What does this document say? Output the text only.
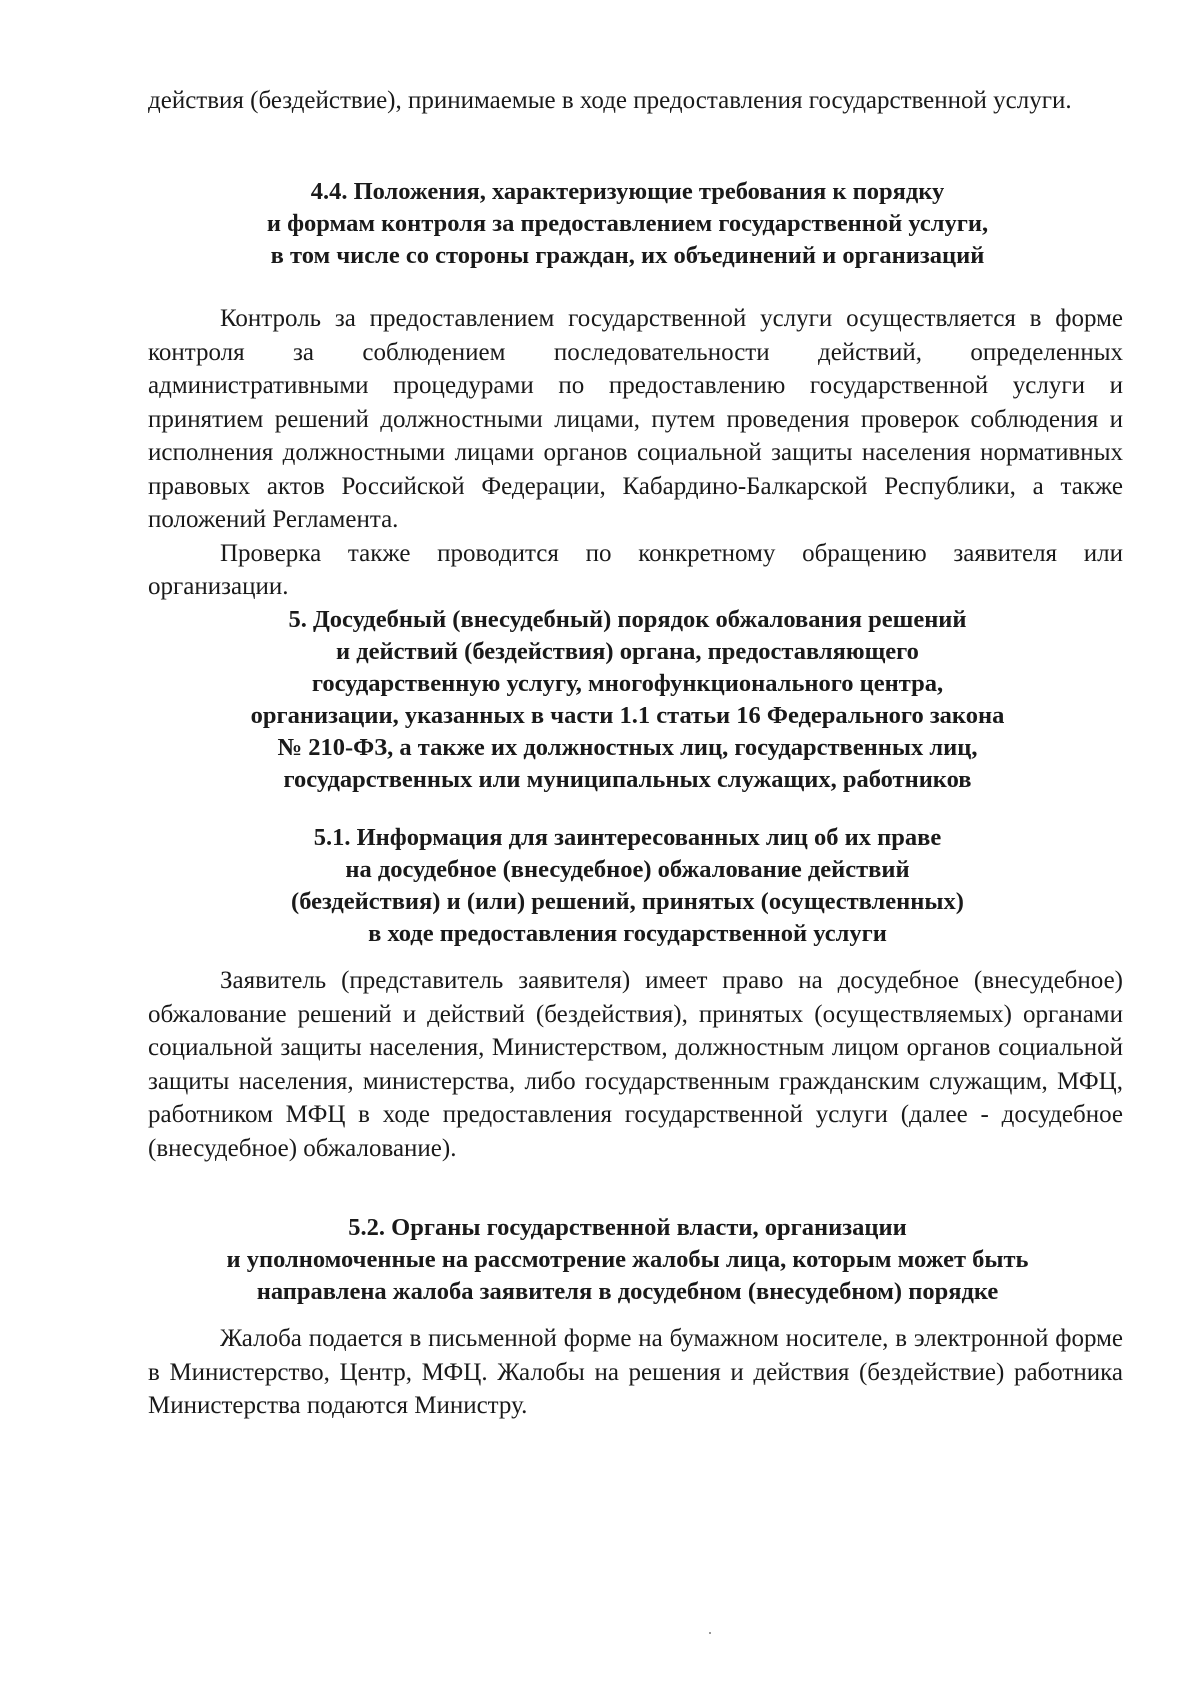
действия (бездействие), принимаемые в ходе предоставления государственной услуги.

4.4. Положения, характеризующие требования к порядку
и формам контроля за предоставлением государственной услуги,
в том числе со стороны граждан, их объединений и организаций

Контроль за предоставлением государственной услуги осуществляется в форме контроля за соблюдением последовательности действий, определенных административными процедурами по предоставлению государственной услуги и принятием решений должностными лицами, путем проведения проверок соблюдения и исполнения должностными лицами органов социальной защиты населения нормативных правовых актов Российской Федерации, Кабардино-Балкарской Республики, а также положений Регламента.

Проверка также проводится по конкретному обращению заявителя или организации.

5. Досудебный (внесудебный) порядок обжалования решений
и действий (бездействия) органа, предоставляющего
государственную услугу, многофункционального центра,
организации, указанных в части 1.1 статьи 16 Федерального закона
№ 210-ФЗ, а также их должностных лиц, государственных лиц,
государственных или муниципальных служащих, работников

5.1. Информация для заинтересованных лиц об их праве
на досудебное (внесудебное) обжалование действий
(бездействия) и (или) решений, принятых (осуществленных)
в ходе предоставления государственной услуги

Заявитель (представитель заявителя) имеет право на досудебное (внесудебное) обжалование решений и действий (бездействия), принятых (осуществляемых) органами социальной защиты населения, Министерством, должностным лицом органов социальной защиты населения, министерства, либо государственным гражданским служащим, МФЦ, работником МФЦ в ходе предоставления государственной услуги (далее - досудебное (внесудебное) обжалование).

5.2. Органы государственной власти, организации
и уполномоченные на рассмотрение жалобы лица, которым может быть
направлена жалоба заявителя в досудебном (внесудебном) порядке

Жалоба подается в письменной форме на бумажном носителе, в электронной форме в Министерство, Центр, МФЦ. Жалобы на решения и действия (бездействие) работника Министерства подаются Министру.
